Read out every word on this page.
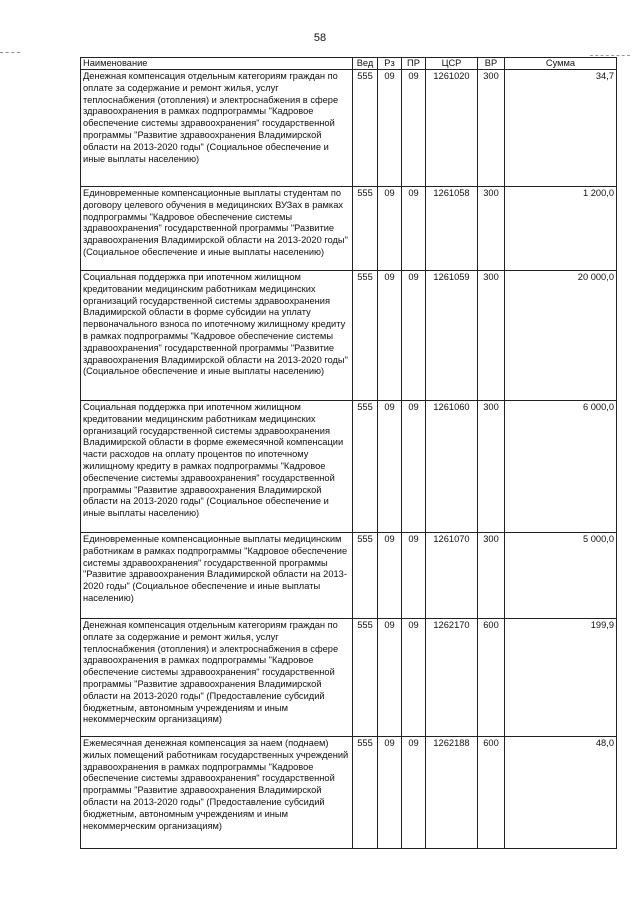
58
Наименование	Вед	Рз	ПР	ЦСР	ВР	Сумма
Денежная компенсация отдельным категориям граждан по оплате за содержание и ремонт жилья, услуг теплоснабжения (отопления) и электроснабжения в сфере здравоохранения в рамках подпрограммы "Кадровое обеспечение системы здравоохранения" государственной программы "Развитие здравоохранения Владимирской области на 2013-2020 годы" (Социальное обеспечение и иные выплаты населению)	555	09	09	1261020	300	34,7
Единовременные компенсационные выплаты студентам по договору целевого обучения в медицинских ВУЗах в рамках подпрограммы "Кадровое обеспечение системы здравоохранения" государственной программы "Развитие здравоохранения Владимирской области на 2013-2020 годы" (Социальное обеспечение и иные выплаты населению)	555	09	09	1261058	300	1 200,0
Социальная поддержка при ипотечном жилищном кредитовании медицинским работникам медицинских организаций государственной системы здравоохранения Владимирской области в форме субсидии на уплату первоначального взноса по ипотечному жилищному кредиту в рамках подпрограммы "Кадровое обеспечение системы здравоохранения" государственной программы "Развитие здравоохранения Владимирской области на 2013-2020 годы" (Социальное обеспечение и иные выплаты населению)	555	09	09	1261059	300	20 000,0
Социальная поддержка при ипотечном жилищном кредитовании медицинским работникам медицинских организаций государственной системы здравоохранения Владимирской области в форме ежемесячной компенсации части расходов на оплату процентов по ипотечному жилищному кредиту в рамках подпрограммы "Кадровое обеспечение системы здравоохранения" государственной программы "Развитие здравоохранения Владимирской области на 2013-2020 годы" (Социальное обеспечение и иные выплаты населению)	555	09	09	1261060	300	6 000,0
Единовременные компенсационные выплаты медицинским работникам в рамках подпрограммы "Кадровое обеспечение системы здравоохранения" государственной программы "Развитие здравоохранения Владимирской области на 2013-2020 годы" (Социальное обеспечение и иные выплаты населению)	555	09	09	1261070	300	5 000,0
Денежная компенсация отдельным категориям граждан по оплате за содержание и ремонт жилья, услуг теплоснабжения (отопления) и электроснабжения в сфере здравоохранения в рамках подпрограммы "Кадровое обеспечение системы здравоохранения" государственной программы "Развитие здравоохранения Владимирской области на 2013-2020 годы" (Предоставление субсидий бюджетным, автономным учреждениям и иным некоммерческим организациям)	555	09	09	1262170	600	199,9
Ежемесячная денежная компенсация за наем (поднаем) жилых помещений работникам государственных учреждений здравоохранения в рамках подпрограммы "Кадровое обеспечение системы здравоохранения" государственной программы "Развитие здравоохранения Владимирской области на 2013-2020 годы" (Предоставление субсидий бюджетным, автономным учреждениям и иным некоммерческим организациям)	555	09	09	1262188	600	48,0
